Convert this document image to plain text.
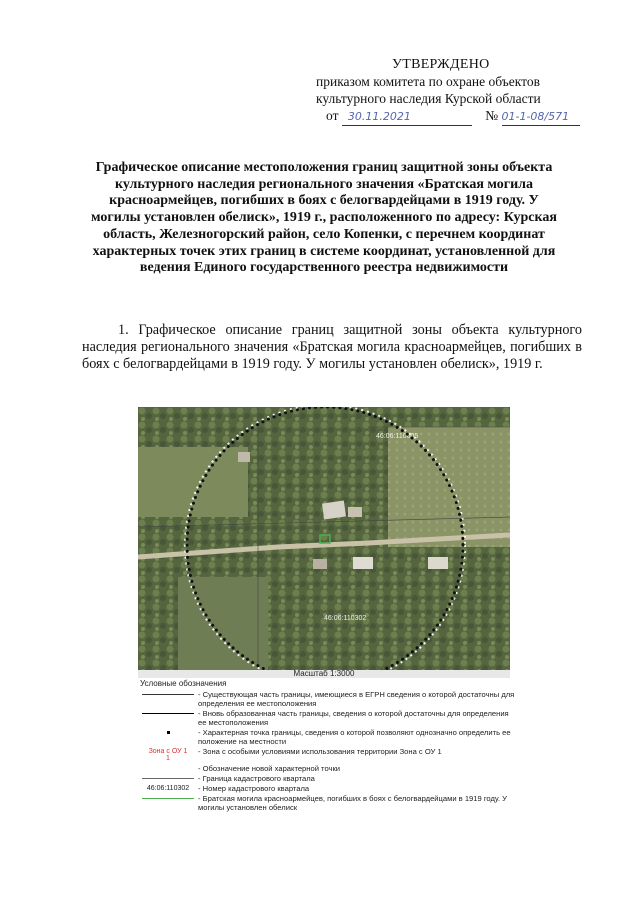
УТВЕРЖДЕНО
приказом комитета по охране объектов
культурного наследия Курской области
от 30.11.2021	№ 01-1-08/571
Графическое описание местоположения границ защитной зоны объекта культурного наследия регионального значения «Братская могила красноармейцев, погибших в боях с белогвардейцами в 1919 году. У могилы установлен обелиск», 1919 г., расположенного по адресу: Курская область, Железногорский район, село Копенки, с перечнем координат характерных точек этих границ в системе координат, установленной для ведения Единого государственного реестра недвижимости
1. Графическое описание границ защитной зоны объекта культурного наследия регионального значения «Братская могила красноармейцев, погибших в боях с белогвардейцами в 1919 году. У могилы установлен обелиск», 1919 г.
46:06:110605
46:06:110302
Масштаб 1:3000
Условные обозначения
- Существующая часть границы, имеющиеся в ЕГРН сведения о которой достаточны для определения ее местоположения
- Вновь образованная часть границы, сведения о которой достаточны для определения ее местоположения
- Характерная точка границы, сведения о которой позволяют однозначно определить ее положение на местности
Зона с ОУ 1
1
- Зона с особыми условиями использования территории Зона с ОУ 1
- Обозначение новой характерной точки
- Граница кадастрового квартала
46:06:110302 - Номер кадастрового квартала
- Братская могила красноармейцев, погибших в боях с белогвардейцами в 1919 году. У могилы установлен обелиск
